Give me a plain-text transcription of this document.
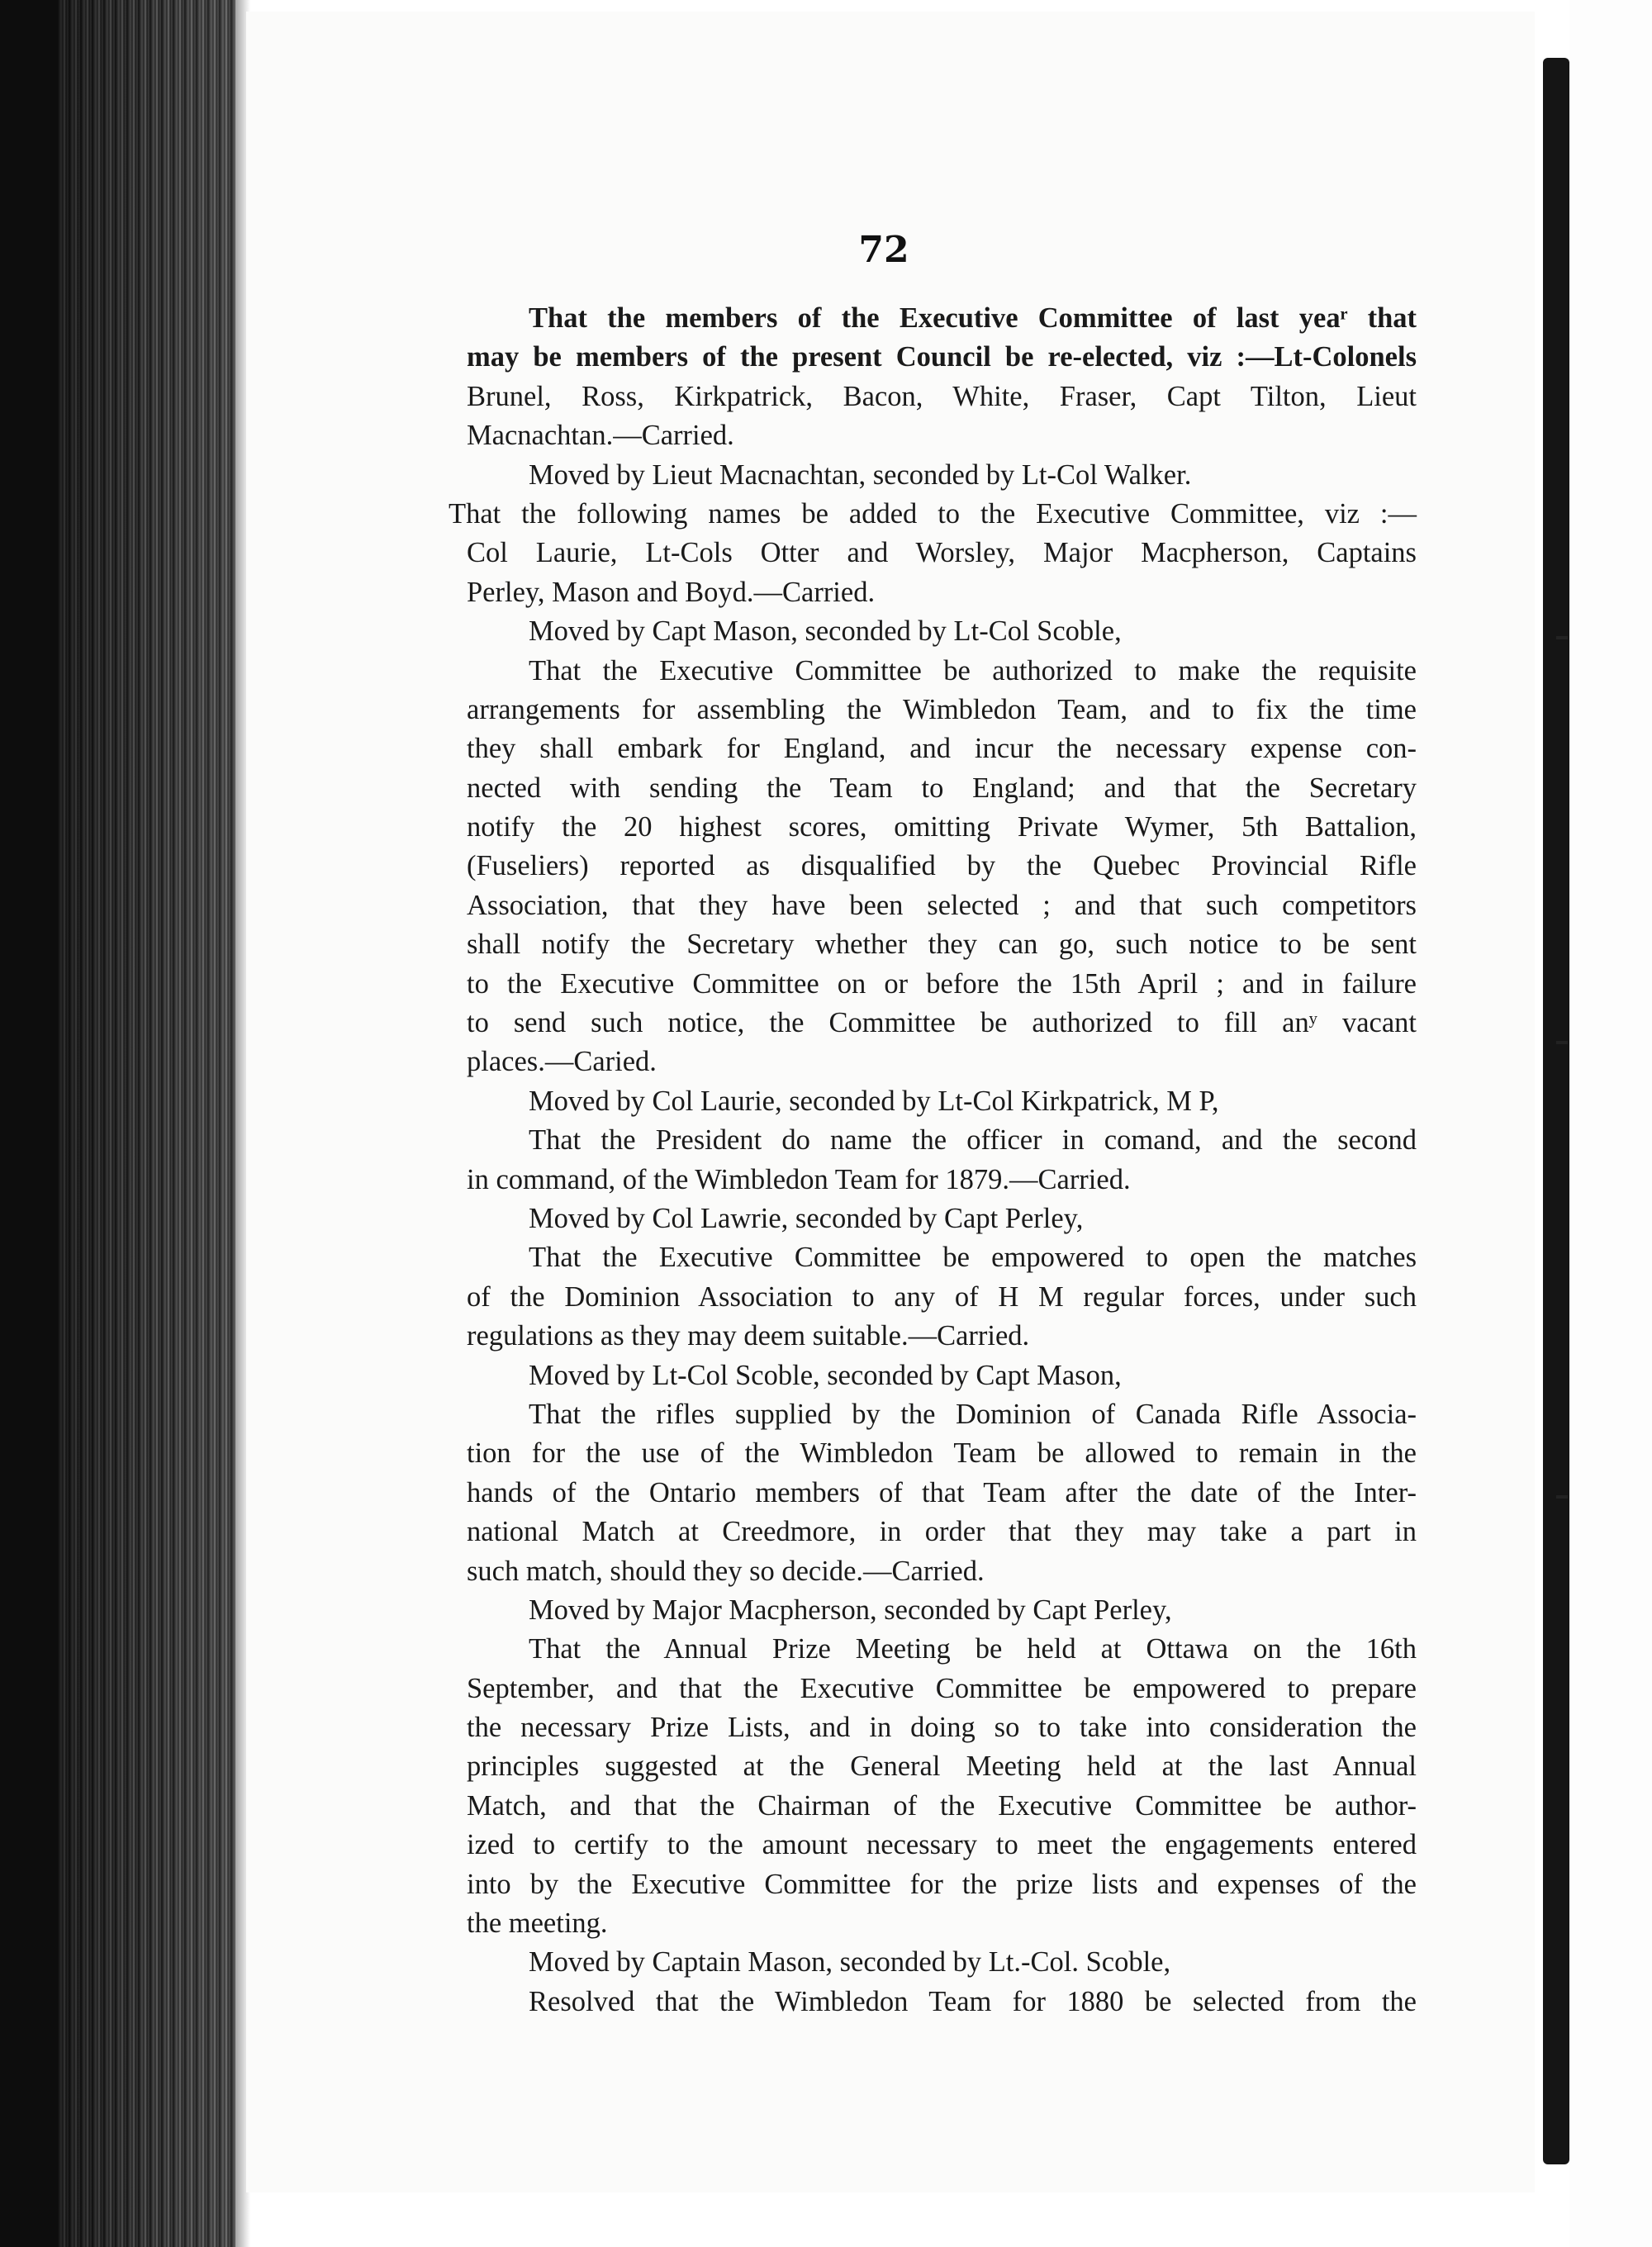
72
That the members of the Executive Committee of last yeaʳ that
may be members of the present Council be re-elected, viz :—Lt-Colonels
Brunel, Ross, Kirkpatrick, Bacon, White, Fraser, Capt Tilton, Lieut
Macnachtan.—Carried.
Moved by Lieut Macnachtan, seconded by Lt-Col Walker.
That the following names be added to the Executive Committee, viz :—
Col Laurie, Lt-Cols Otter and Worsley, Major Macpherson, Captains
Perley, Mason and Boyd.—Carried.
Moved by Capt Mason, seconded by Lt-Col Scoble,
That the Executive Committee be authorized to make the requisite
arrangements for assembling the Wimbledon Team, and to fix the time
they shall embark for England, and incur the necessary expense con-
nected with sending the Team to England; and that the Secretary
notify the 20 highest scores, omitting Private Wymer, 5th Battalion,
(Fuseliers) reported as disqualified by the Quebec Provincial Rifle
Association, that they have been selected ; and that such competitors
shall notify the Secretary whether they can go, such notice to be sent
to the Executive Committee on or before the 15th April ; and in failure
to send such notice, the Committee be authorized to fill anʸ vacant
places.—Caried.
Moved by Col Laurie, seconded by Lt-Col Kirkpatrick, M P,
That the President do name the officer in comand, and the second
in command, of the Wimbledon Team for 1879.—Carried.
Moved by Col Lawrie, seconded by Capt Perley,
That the Executive Committee be empowered to open the matches
of the Dominion Association to any of H M regular forces, under such
regulations as they may deem suitable.—Carried.
Moved by Lt-Col Scoble, seconded by Capt Mason,
That the rifles supplied by the Dominion of Canada Rifle Associa-
tion for the use of the Wimbledon Team be allowed to remain in the
hands of the Ontario members of that Team after the date of the Inter-
national Match at Creedmore, in order that they may take a part in
such match, should they so decide.—Carried.
Moved by Major Macpherson, seconded by Capt Perley,
That the Annual Prize Meeting be held at Ottawa on the 16th
September, and that the Executive Committee be empowered to prepare
the necessary Prize Lists, and in doing so to take into consideration the
principles suggested at the General Meeting held at the last Annual
Match, and that the Chairman of the Executive Committee be author-
ized to certify to the amount necessary to meet the engagements entered
into by the Executive Committee for the prize lists and expenses of the
the meeting.
Moved by Captain Mason, seconded by Lt.-Col. Scoble,
Resolved that the Wimbledon Team for 1880 be selected from the
